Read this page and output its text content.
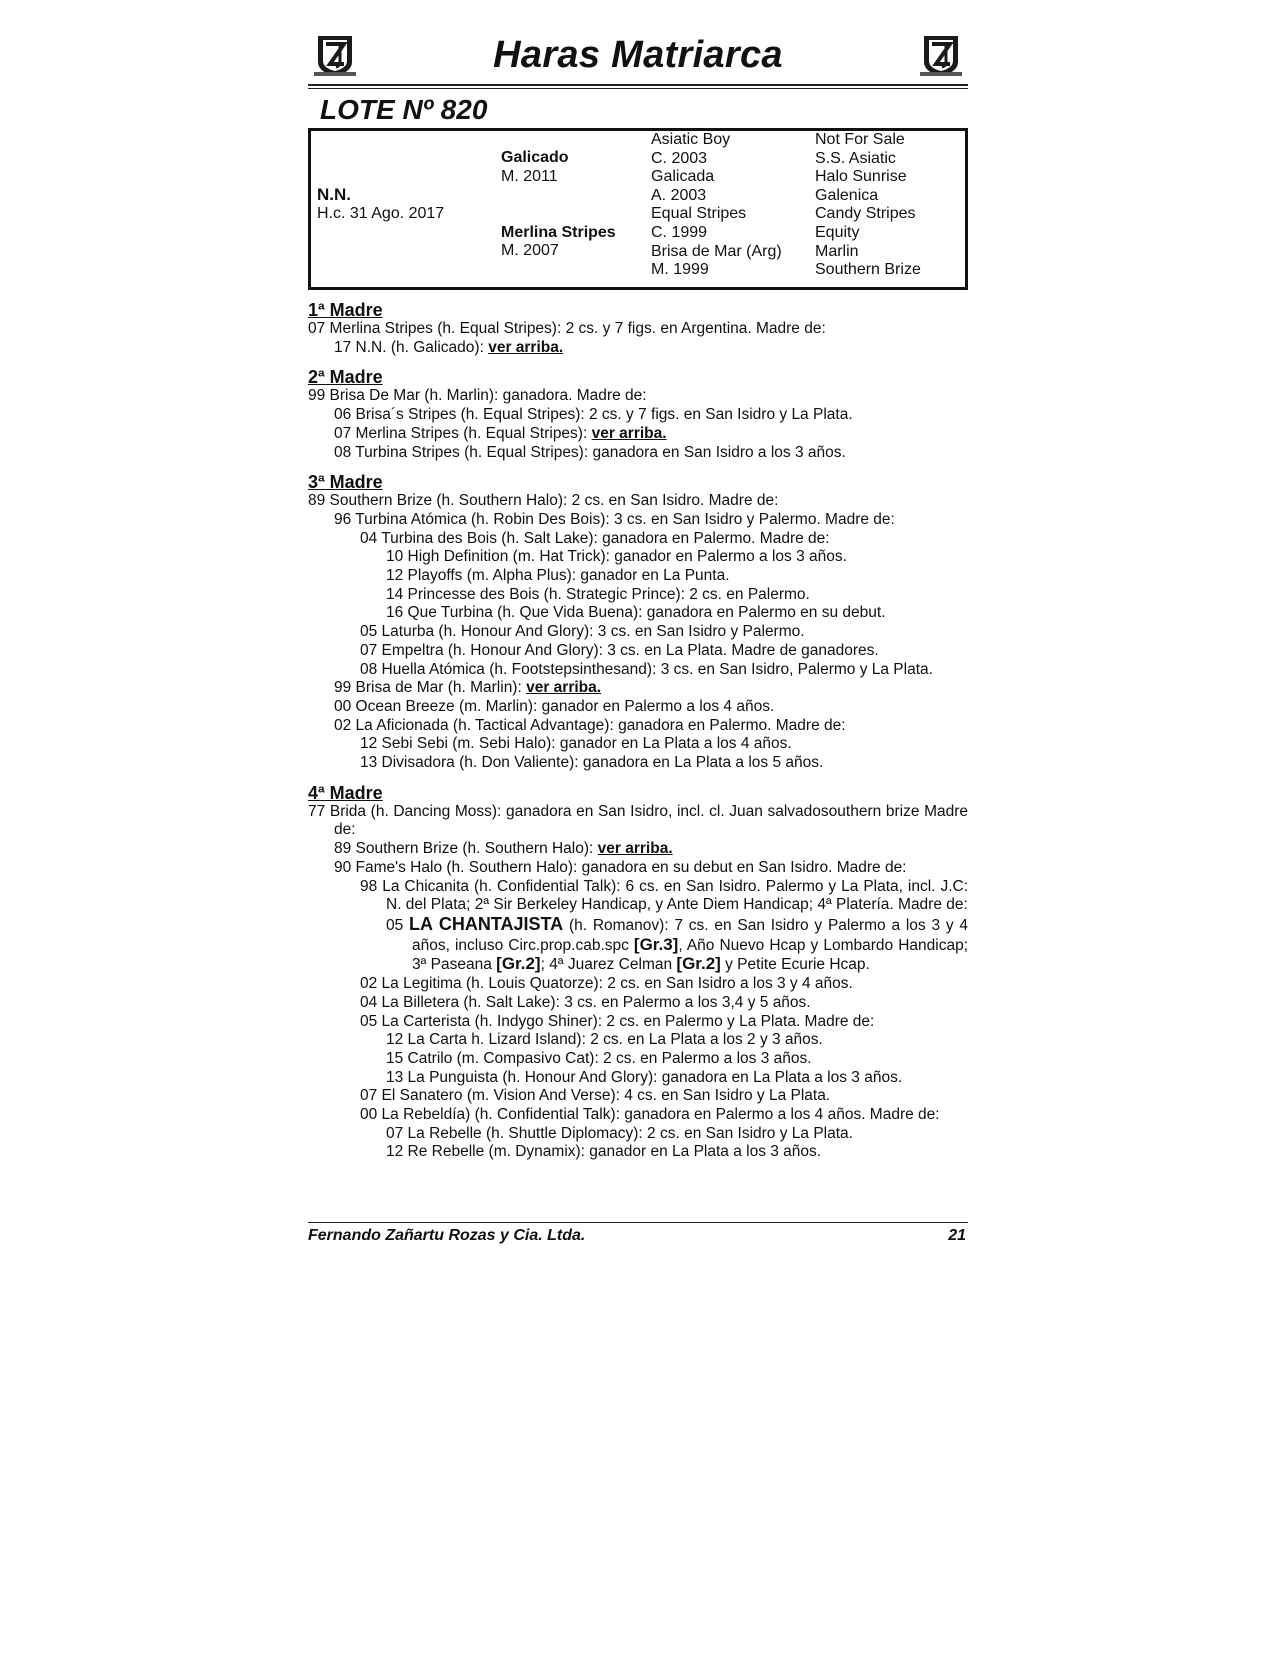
Haras Matriarca
LOTE Nº 820
N.N.
H.c. 31 Ago. 2017
Galicado
M. 2011
Merlina Stripes
M. 2007
Asiatic Boy
C. 2003
Galicada
A. 2003
Equal Stripes
C. 1999
Brisa de Mar (Arg)
M. 1999
Not For Sale
S.S. Asiatic
Halo Sunrise
Galenica
Candy Stripes
Equity
Marlin
Southern Brize
1ª Madre
07 Merlina Stripes (h. Equal Stripes): 2 cs. y 7 figs. en Argentina. Madre de:
17 N.N. (h. Galicado): ver arriba.
2ª Madre
99 Brisa De Mar (h. Marlin): ganadora. Madre de:
06 Brisa´s Stripes (h. Equal Stripes): 2 cs. y 7 figs. en San Isidro y La Plata.
07 Merlina Stripes (h. Equal Stripes): ver arriba.
08 Turbina Stripes (h. Equal Stripes): ganadora en San Isidro a los 3 años.
3ª Madre
89 Southern Brize (h. Southern Halo): 2 cs. en San Isidro. Madre de:
96 Turbina Atómica (h. Robin Des Bois): 3 cs. en San Isidro y Palermo. Madre de:
04 Turbina des Bois (h. Salt Lake): ganadora en Palermo. Madre de:
10 High Definition (m. Hat Trick): ganador en Palermo a los 3 años.
12 Playoffs (m. Alpha Plus): ganador en La Punta.
14 Princesse des Bois (h. Strategic Prince): 2 cs. en Palermo.
16 Que Turbina (h. Que Vida Buena): ganadora en Palermo en su debut.
05 Laturba (h. Honour And Glory): 3 cs. en San Isidro y Palermo.
07 Empeltra (h. Honour And Glory): 3 cs. en La Plata. Madre de ganadores.
08 Huella Atómica (h. Footstepsinthesand): 3 cs. en San Isidro, Palermo y La Plata.
99 Brisa de Mar (h. Marlin): ver arriba.
00 Ocean Breeze (m. Marlin): ganador en Palermo a los 4 años.
02 La Aficionada (h. Tactical Advantage): ganadora en Palermo. Madre de:
12 Sebi Sebi (m. Sebi Halo): ganador en La Plata a los 4 años.
13 Divisadora (h. Don Valiente): ganadora en La Plata a los 5 años.
4ª Madre
77 Brida (h. Dancing Moss): ganadora en San Isidro, incl. cl. Juan salvadosouthern brize Madre de:
89 Southern Brize (h. Southern Halo): ver arriba.
90 Fame's Halo (h. Southern Halo): ganadora en su debut en San Isidro. Madre de:
98 La Chicanita (h. Confidential Talk): 6 cs. en San Isidro. Palermo y La Plata, incl. J.C: N. del Plata; 2ª Sir Berkeley Handicap, y Ante Diem Handicap; 4ª Platería. Madre de:
05 LA CHANTAJISTA (h. Romanov): 7 cs. en San Isidro y Palermo a los 3 y 4 años, incluso Circ.prop.cab.spc [Gr.3], Año Nuevo Hcap y Lombardo Handicap; 3ª Paseana [Gr.2]; 4ª Juarez Celman [Gr.2] y Petite Ecurie Hcap.
02 La Legitima (h. Louis Quatorze): 2 cs. en San Isidro a los 3 y 4 años.
04 La Billetera (h. Salt Lake): 3 cs. en Palermo a los 3,4 y 5 años.
05 La Carterista (h. Indygo Shiner): 2 cs. en Palermo y La Plata. Madre de:
12 La Carta h. Lizard Island): 2 cs. en La Plata a los 2 y 3 años.
15 Catrilo (m. Compasivo Cat): 2 cs. en Palermo a los 3 años.
13 La Punguista (h. Honour And Glory): ganadora en La Plata a los 3 años.
07 El Sanatero (m. Vision And Verse): 4 cs. en San Isidro y La Plata.
00 La Rebeldía) (h. Confidential Talk): ganadora en Palermo a los 4 años. Madre de:
07 La Rebelle (h. Shuttle Diplomacy): 2 cs. en San Isidro y La Plata.
12 Re Rebelle (m. Dynamix): ganador en La Plata a los 3 años.
Fernando Zañartu Rozas y Cia. Ltda.	21
